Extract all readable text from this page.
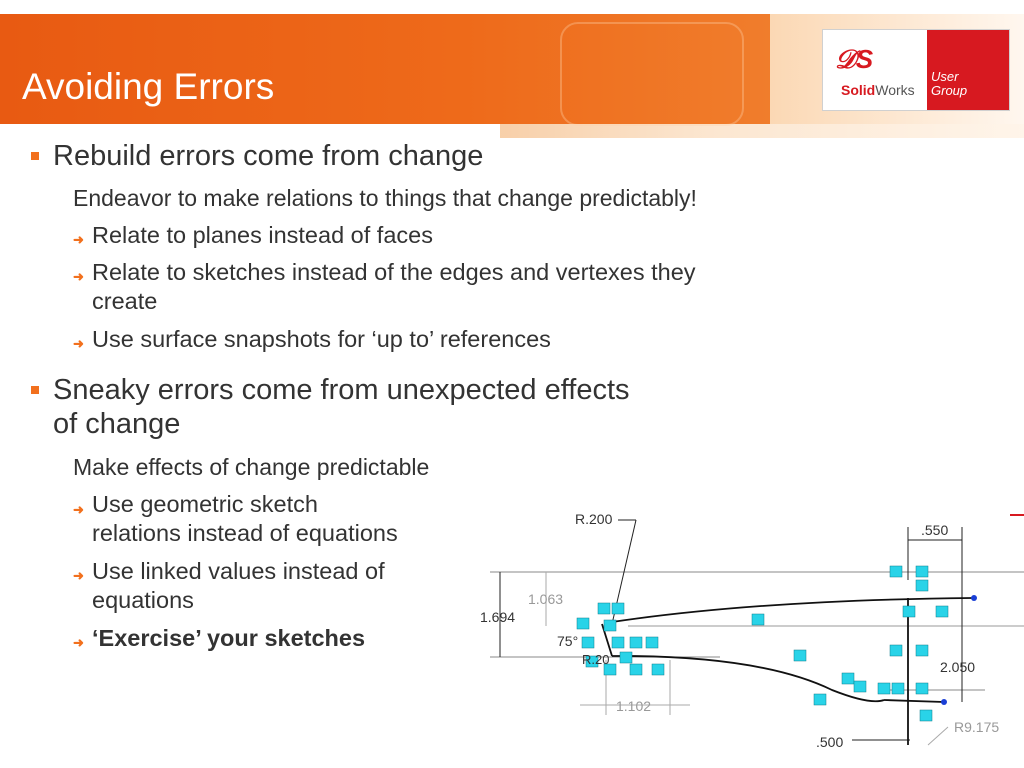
Avoiding Errors
𝒟S
SolidWorks
User
Group
Rebuild errors come from change
Endeavor to make relations to things that change predictably!
➜ Relate to planes instead of faces
➜ Relate to sketches instead of the edges and vertexes they
create
➜ Use surface snapshots for ‘up to’ references
Sneaky errors come from unexpected effects
of change
Make effects of change predictable
➜ Use geometric sketch
relations instead of equations
➜ Use linked values instead of
equations
➜ ‘Exercise’ your sketches
R.200
.550
1.063
1.694
75°
R.20	2.050
1.102
R9.175
.500
